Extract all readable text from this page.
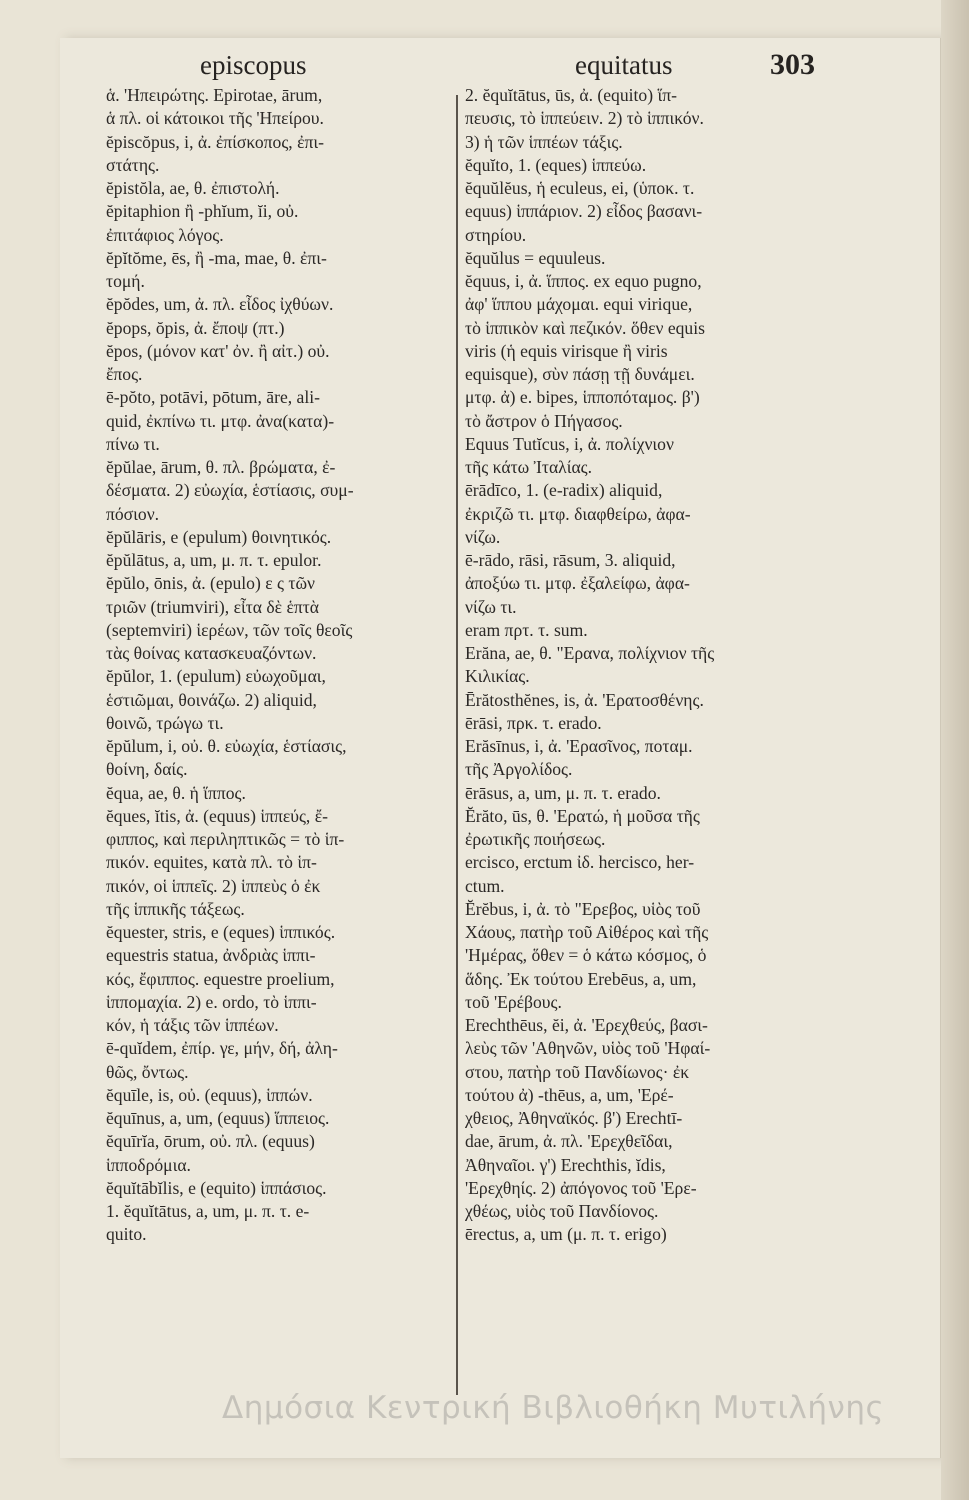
episcopus	equitatus	303
ἁ. 'Ηπειρώτης. Epirotae, ārum,
ἁ πλ. οἱ κάτοικοι τῆς 'Ηπείρου.
ĕpiscŏpus, i, ἀ. ἐπίσκοπος, ἐπι-
στάτης.
ĕpistŏla, ae, θ. ἐπιστολή.
ĕpitaphion ἢ -phĭum, ĭi, οὐ.
ἐπιτάφιος λόγος.
ĕpĭtŏme, ēs, ἢ -ma, mae, θ. ἐπι-
τομή.
ĕpŏdes, um, ἀ. πλ. εἶδος ἰχθύων.
ĕpops, ŏpis, ἀ. ἔποψ (πτ.)
ĕpos, (μόνον κατ' ὀν. ἢ αἰτ.) οὐ.
ἔπος.
ē-pŏto, potāvi, pōtum, āre, ali-
quid, ἐκπίνω τι. μτφ. ἀνα(κατα)-
πίνω τι.
ĕpŭlae, ārum, θ. πλ. βρώματα, ἐ-
δέσματα. 2) εὐωχία, ἑστίασις, συμ-
πόσιον.
ĕpŭlāris, e (epulum) θοινητικός.
ĕpŭlātus, a, um, μ. π. τ. epulor.
ĕpŭlo, ōnis, ἀ. (epulo) ε ς τῶν
τριῶν (triumviri), εἶτα δὲ ἑπτὰ
(septemviri) ἱερέων, τῶν τοῖς θεοῖς
τὰς θοίνας κατασκευαζόντων.
ĕpŭlor, 1. (epulum) εὐωχοῦμαι,
ἑστιῶμαι, θοινάζω. 2) aliquid,
θοινῶ, τρώγω τι.
ĕpŭlum, i, οὐ. θ. εὐωχία, ἑστίασις,
θοίνη, δαίς.
ĕqua, ae, θ. ἡ ἵππος.
ĕques, ĭtis, ἀ. (equus) ἱππεύς, ἔ-
φιππος, καὶ περιληπτικῶς = τὸ ἱπ-
πικόν. equites, κατὰ πλ. τὸ ἱπ-
πικόν, οἱ ἱππεῖς. 2) ἱππεὺς ὁ ἐκ
τῆς ἱππικῆς τάξεως.
ĕquester, stris, e (eques) ἱππικός.
equestris statua, ἀνδριὰς ἱππι-
κός, ἔφιππος. equestre proelium,
ἱππομαχία. 2) e. ordo, τὸ ἱππι-
κόν, ἡ τάξις τῶν ἱππέων.
ē-quĭdem, ἐπίρ. γε, μήν, δή, ἀλη-
θῶς, ὄντως.
ĕquīle, is, οὐ. (equus), ἱππών.
ĕquīnus, a, um, (equus) ἵππειος.
ĕquīrĭa, ōrum, οὐ. πλ. (equus)
ἱπποδρόμια.
ĕquĭtābĭlis, e (equito) ἱππάσιος.
1. ĕquĭtātus, a, um, μ. π. τ. e-
quito.
2. ĕquĭtātus, ūs, ἀ. (equito) ἵπ-
πευσις, τὸ ἱππεύειν. 2) τὸ ἱππικόν.
3) ἡ τῶν ἱππέων τάξις.
ĕquĭto, 1. (eques) ἱππεύω.
ĕquŭlĕus, ἡ eculeus, ei, (ὑποκ. τ.
equus) ἱππάριον. 2) εἶδος βασανι-
στηρίου.
ĕquŭlus = equuleus.
ĕquus, i, ἀ. ἵππος. ex equo pugno,
ἀφ' ἵππου μάχομαι. equi virique,
τὸ ἱππικὸν καὶ πεζικόν. ὅθεν equis
viris (ἡ equis virisque ἢ viris
equisque), σὺν πάσῃ τῇ δυνάμει.
μτφ. ἀ) e. bipes, ἱπποπόταμος. β')
τὸ ἄστρον ὁ Πήγασος.
Equus Tutĭcus, i, ἀ. πολίχνιον
τῆς κάτω Ἰταλίας.
ērādīco, 1. (e-radix) aliquid,
ἐκριζῶ τι. μτφ. διαφθείρω, ἀφα-
νίζω.
ē-rādo, rāsi, rāsum, 3. aliquid,
ἀποξύω τι. μτφ. ἐξαλείφω, ἀφα-
νίζω τι.
eram πρτ. τ. sum.
Erăna, ae, θ. "Ερανα, πολίχνιον τῆς
Κιλικίας.
Ērătosthĕnes, is, ἀ. 'Ερατοσθένης.
ērāsi, πρκ. τ. erado.
Erăsīnus, i, ἀ. 'Ερασῖνος, ποταμ.
τῆς Ἀργολίδος.
ērāsus, a, um, μ. π. τ. erado.
Ĕrăto, ūs, θ. 'Ερατώ, ἡ μοῦσα τῆς
ἐρωτικῆς ποιήσεως.
ercisco, erctum ἰδ. hercisco, her-
ctum.
Ĕrĕbus, i, ἀ. τὸ "Ερεβος, υἱὸς τοῦ
Χάους, πατὴρ τοῦ Αἰθέρος καὶ τῆς
'Ημέρας, ὅθεν = ὁ κάτω κόσμος, ὁ
ἅδης. Ἐκ τούτου Erebēus, a, um,
τοῦ 'Ερέβους.
Erechthēus, ĕi, ἀ. 'Ερεχθεύς, βασι-
λεὺς τῶν 'Αθηνῶν, υἱὸς τοῦ 'Ηφαί-
στου, πατὴρ τοῦ Πανδίωνος· ἐκ
τούτου ἀ) -thēus, a, um, 'Ερέ-
χθειος, Ἀθηναϊκός. β') Erechtī-
dae, ārum, ἀ. πλ. 'Ερεχθεῖδαι,
Ἀθηναῖοι. γ') Erechthis, ĭdis,
'Ερεχθηίς. 2) ἀπόγονος τοῦ 'Ερε-
χθέως, υἱὸς τοῦ Πανδίονος.
ērectus, a, um (μ. π. τ. erigo)
Δημόσια Κεντρική Βιβλιοθήκη Μυτιλήνης
